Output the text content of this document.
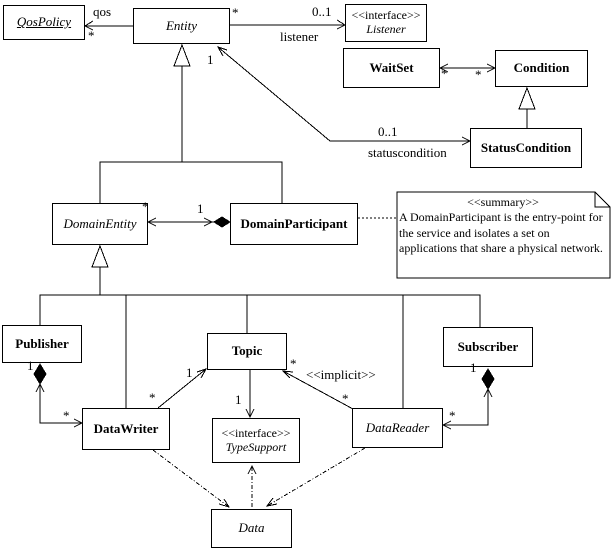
QosPolicy	Entity
<<interface>>
Listener
WaitSet	Condition
StatusCondition
DomainEntity	DomainParticipant
Publisher	Topic	Subscriber
DataWriter	<<interface>>
TypeSupport
DataReader
Data
<<summary>>
A DomainParticipant is the entry-point for the service and isolates a set on applications that share a physical network.
qos
*
*	0..1
listener
1
0..1
statuscondition
* *
*	1
1
*
1
*
*
1
1
*
<<implicit>>
*
